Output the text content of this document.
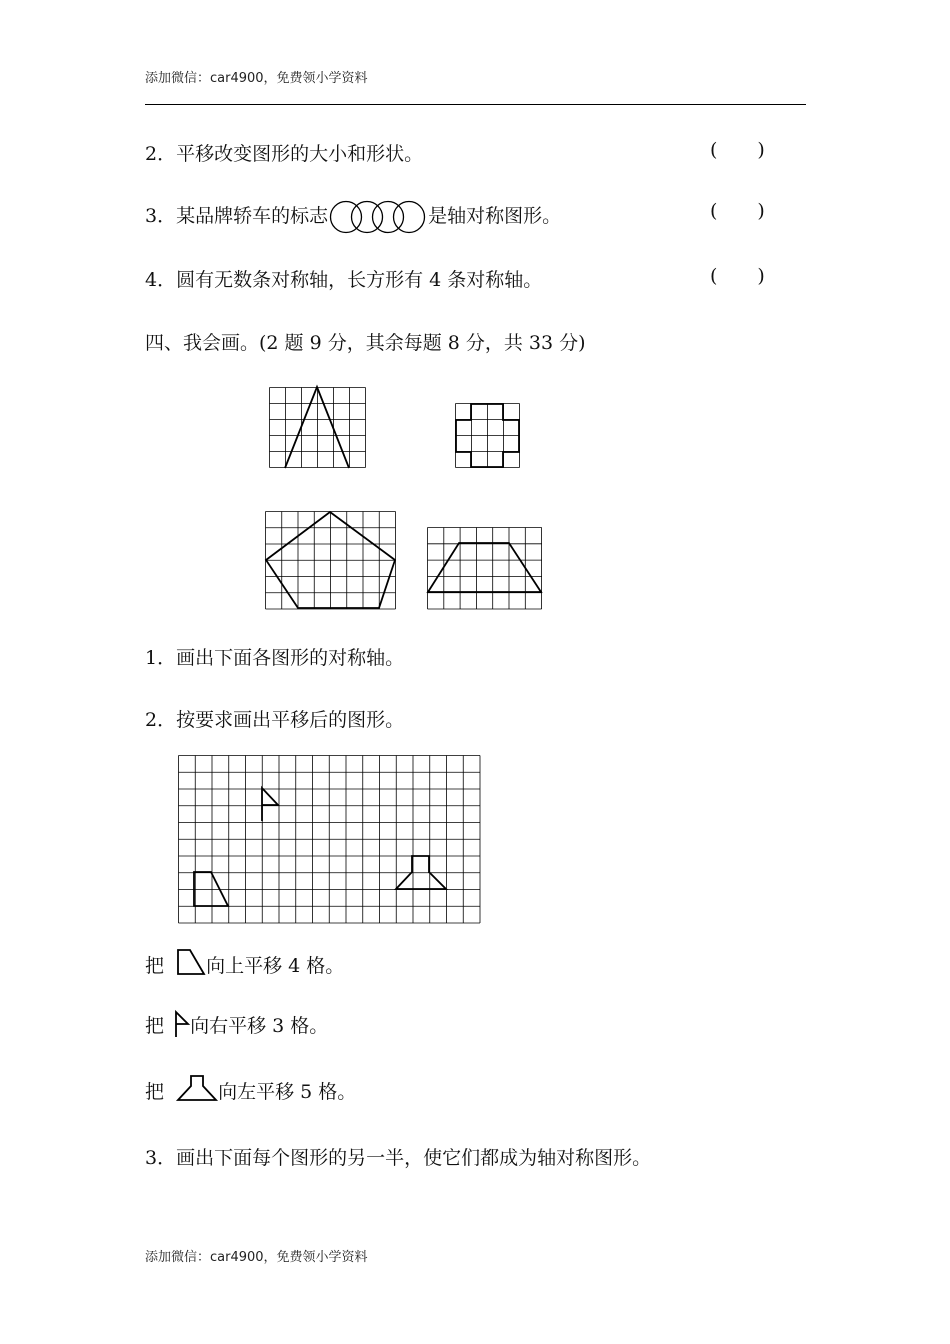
添加微信：car4900，免费领小学资料
2．平移改变图形的大小和形状。	( )
3．某品牌轿车的标志	是轴对称图形。	( )
4．圆有无数条对称轴，长方形有 4 条对称轴。	( )
四、我会画。(2 题 9 分，其余每题 8 分，共 33 分)
1．画出下面各图形的对称轴。
2．按要求画出平移后的图形。
把 向上平移 4 格。
把 向右平移 3 格。
把	向左平移 5 格。
3．画出下面每个图形的另一半，使它们都成为轴对称图形。
添加微信：car4900，免费领小学资料
